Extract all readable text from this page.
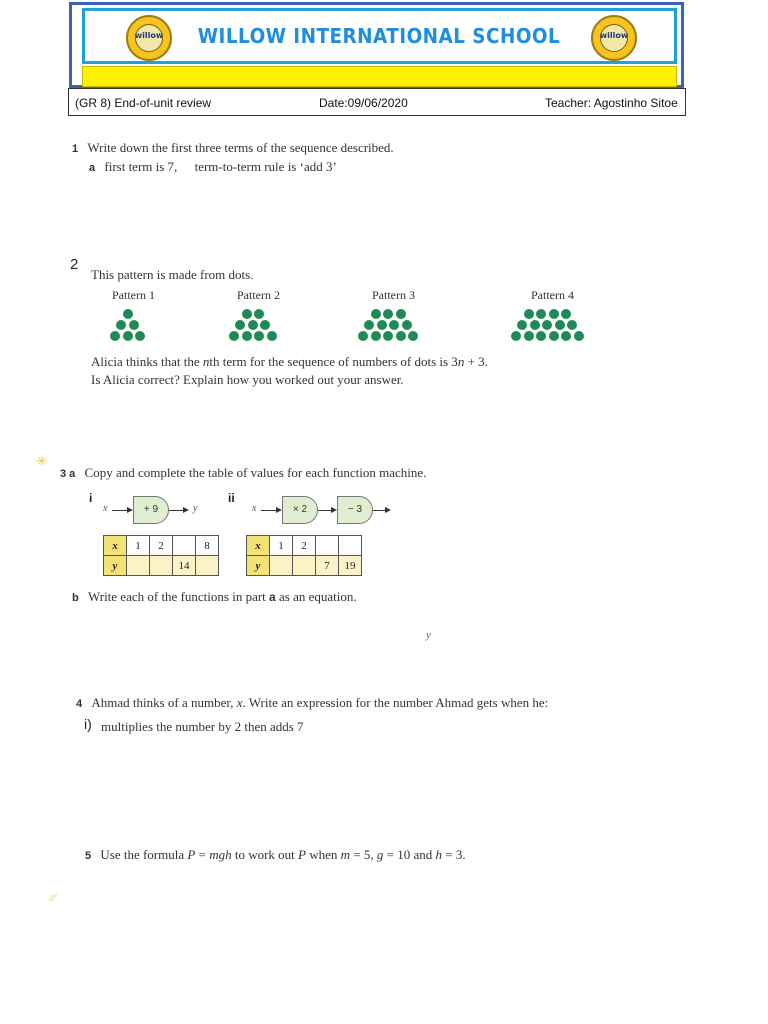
willow	willow
WILLOW INTERNATIONAL SCHOOL
(GR 8) End-of-unit review	Date:09/06/2020	Teacher: Agostinho Sitoe
1 Write down the first three terms of the sequence described.
a first term is 7, term-to-term rule is ‘add 3’
2
This pattern is made from dots.
Pattern 1	Pattern 2	Pattern 3	Pattern 4
Alicia thinks that the nth term for the sequence of numbers of dots is 3n + 3.
Is Alicia correct? Explain how you worked out your answer.
✳
3 a Copy and complete the table of values for each function machine.
i	ii
x	+ 9	y	x	× 2	− 3
x	1	2		8
y			14	
x	1	2		
y			7	19
b Write each of the functions in part a as an equation.
y
4 Ahmad thinks of a number, x. Write an expression for the number Ahmad gets when he:
i) multiplies the number by 2 then adds 7
5 Use the formula P = mgh to work out P when m = 5, g = 10 and h = 3.
⁄⁄⁄
